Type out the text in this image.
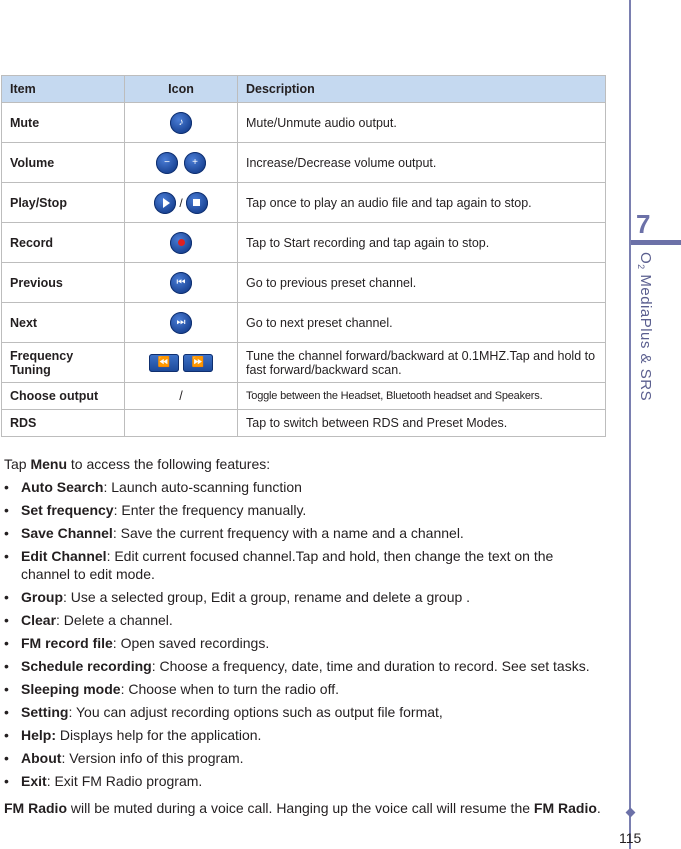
7
$O_2$ MediaPlus & SRS
115
Item	Icon	Description
Mute	♪	Mute/Unmute audio output.
Volume	− +	Increase/Decrease volume output.
Play/Stop	/	Tap once to play an audio file and tap again to stop.
Record		Tap to Start recording and tap again to stop.
Previous	⏮	Go to previous preset channel.
Next	⏭	Go to next preset channel.
Frequency Tuning	⏪ ⏩	Tune the channel forward/backward at 0.1MHZ.Tap and hold to fast forward/backward scan.
Choose output	/	Toggle between the Headset, Bluetooth headset and Speakers.
RDS		Tap to switch between RDS and Preset Modes.
Tap Menu to access the following features:
• Auto Search: Launch auto-scanning function
• Set frequency: Enter the frequency manually.
• Save Channel: Save the current frequency with a name and a channel.
• Edit Channel: Edit current focused channel.Tap and hold, then change the text on the channel to edit mode.
• Group: Use a selected group, Edit a group, rename and delete a group .
• Clear: Delete a channel.
• FM record file: Open saved recordings.
• Schedule recording: Choose a frequency, date, time and duration to record. See set tasks.
• Sleeping mode: Choose when to turn the radio off.
• Setting: You can adjust recording options such as output file format,
• Help: Displays help for the application.
• About: Version info of this program.
• Exit: Exit FM Radio program.
FM Radio will be muted during a voice call. Hanging up the voice call will resume the FM Radio.
